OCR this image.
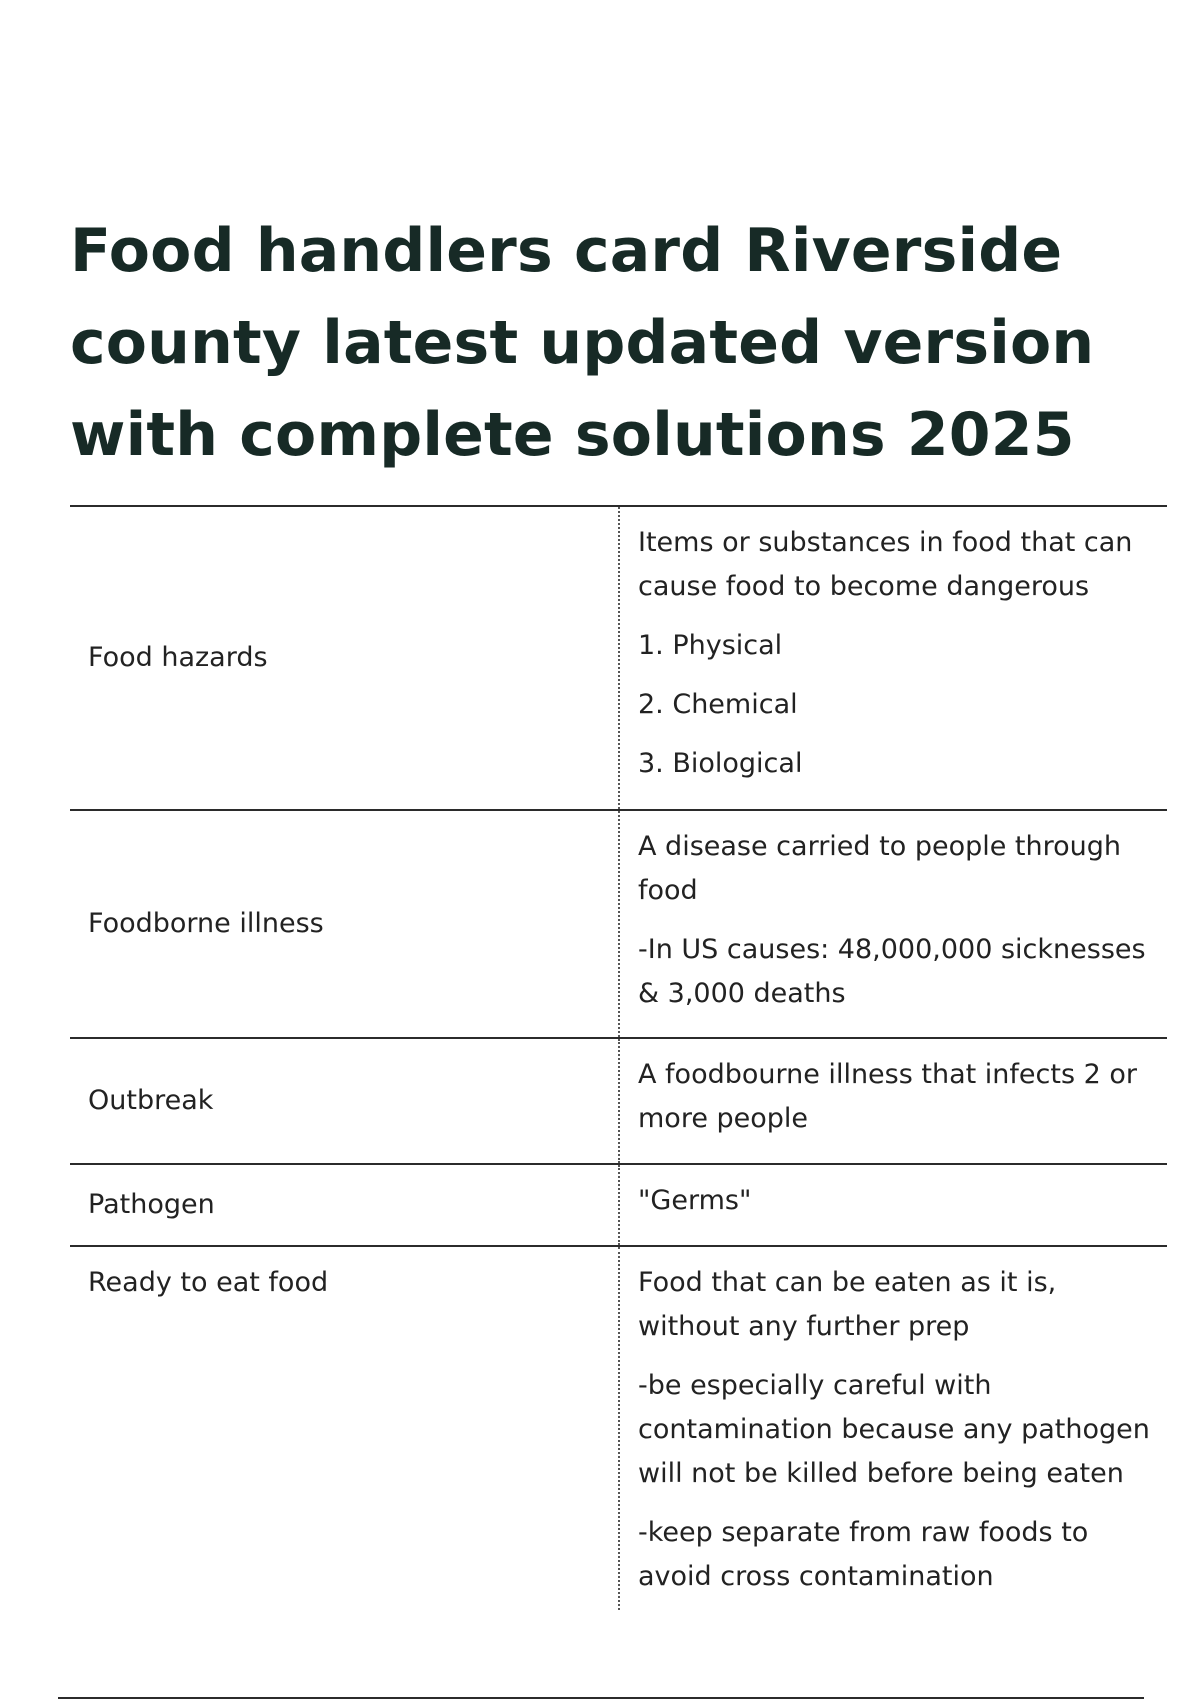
Food handlers card Riverside county latest updated version with complete solutions 2025
Food hazards

Items or substances in food that can cause food to become dangerous

1. Physical

2. Chemical

3. Biological

Foodborne illness

A disease carried to people through food

-In US causes: 48,000,000 sicknesses & 3,000 deaths

Outbreak

A foodbourne illness that infects 2 or more people

Pathogen	"Germs"

Ready to eat food	Food that can be eaten as it is, without any further prep

-be especially careful with contamination because any pathogen will not be killed before being eaten

-keep separate from raw foods to avoid cross contamination
